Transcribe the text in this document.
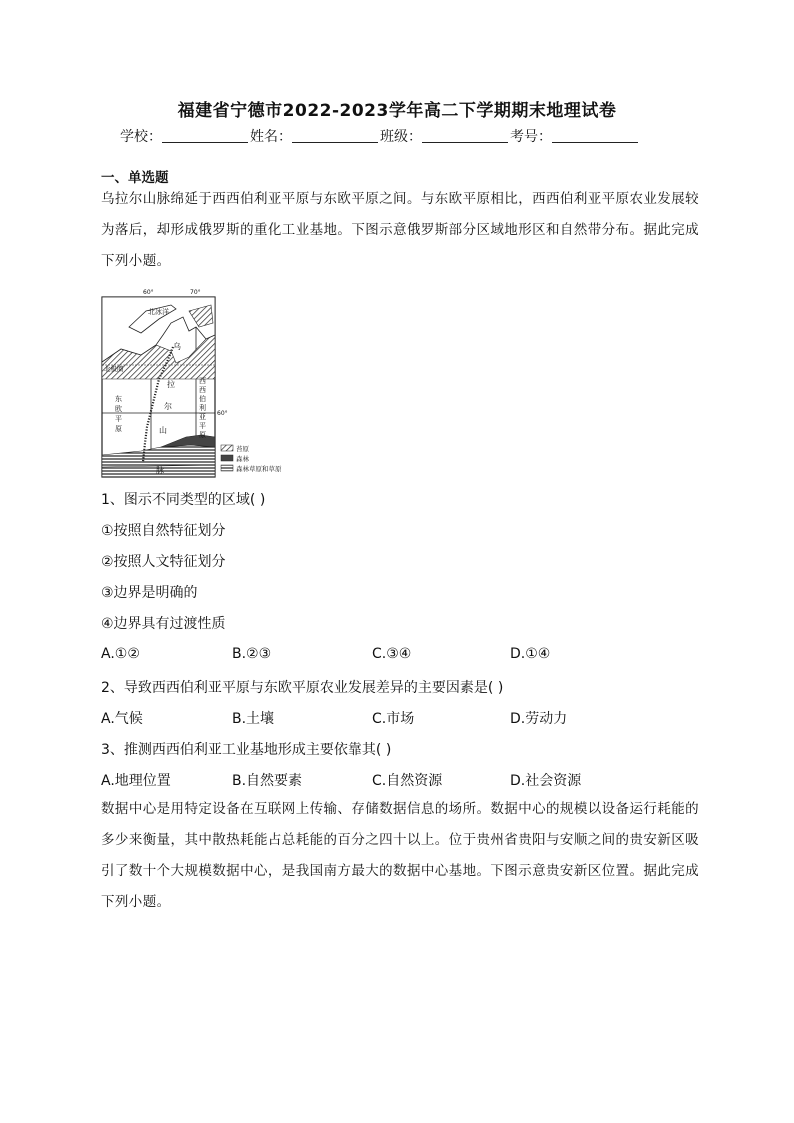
福建省宁德市2022-2023学年高二下学期期末地理试卷
学校：	姓名：	班级：	考号：
一、单选题
乌拉尔山脉绵延于西西伯利亚平原与东欧平原之间。与东欧平原相比，西西伯利亚平原农业发展较为落后，却形成俄罗斯的重化工业基地。下图示意俄罗斯部分区域地形区和自然带分布。据此完成下列小题。
60°	70°
60°
北冰洋
北极圈
乌
拉
尔
山
脉
东
欧
平
原
西
西
伯
利
亚
平
原
苔原
森林
森林草原和草原
1、图示不同类型的区域( )
①按照自然特征划分
②按照人文特征划分
③边界是明确的
④边界具有过渡性质
A.①②	B.②③	C.③④	D.①④
2、导致西西伯利亚平原与东欧平原农业发展差异的主要因素是( )
A.气候	B.土壤	C.市场	D.劳动力
3、推测西西伯利亚工业基地形成主要依靠其( )
A.地理位置	B.自然要素	C.自然资源	D.社会资源
数据中心是用特定设备在互联网上传输、存储数据信息的场所。数据中心的规模以设备运行耗能的多少来衡量，其中散热耗能占总耗能的百分之四十以上。位于贵州省贵阳与安顺之间的贵安新区吸引了数十个大规模数据中心，是我国南方最大的数据中心基地。下图示意贵安新区位置。据此完成下列小题。
